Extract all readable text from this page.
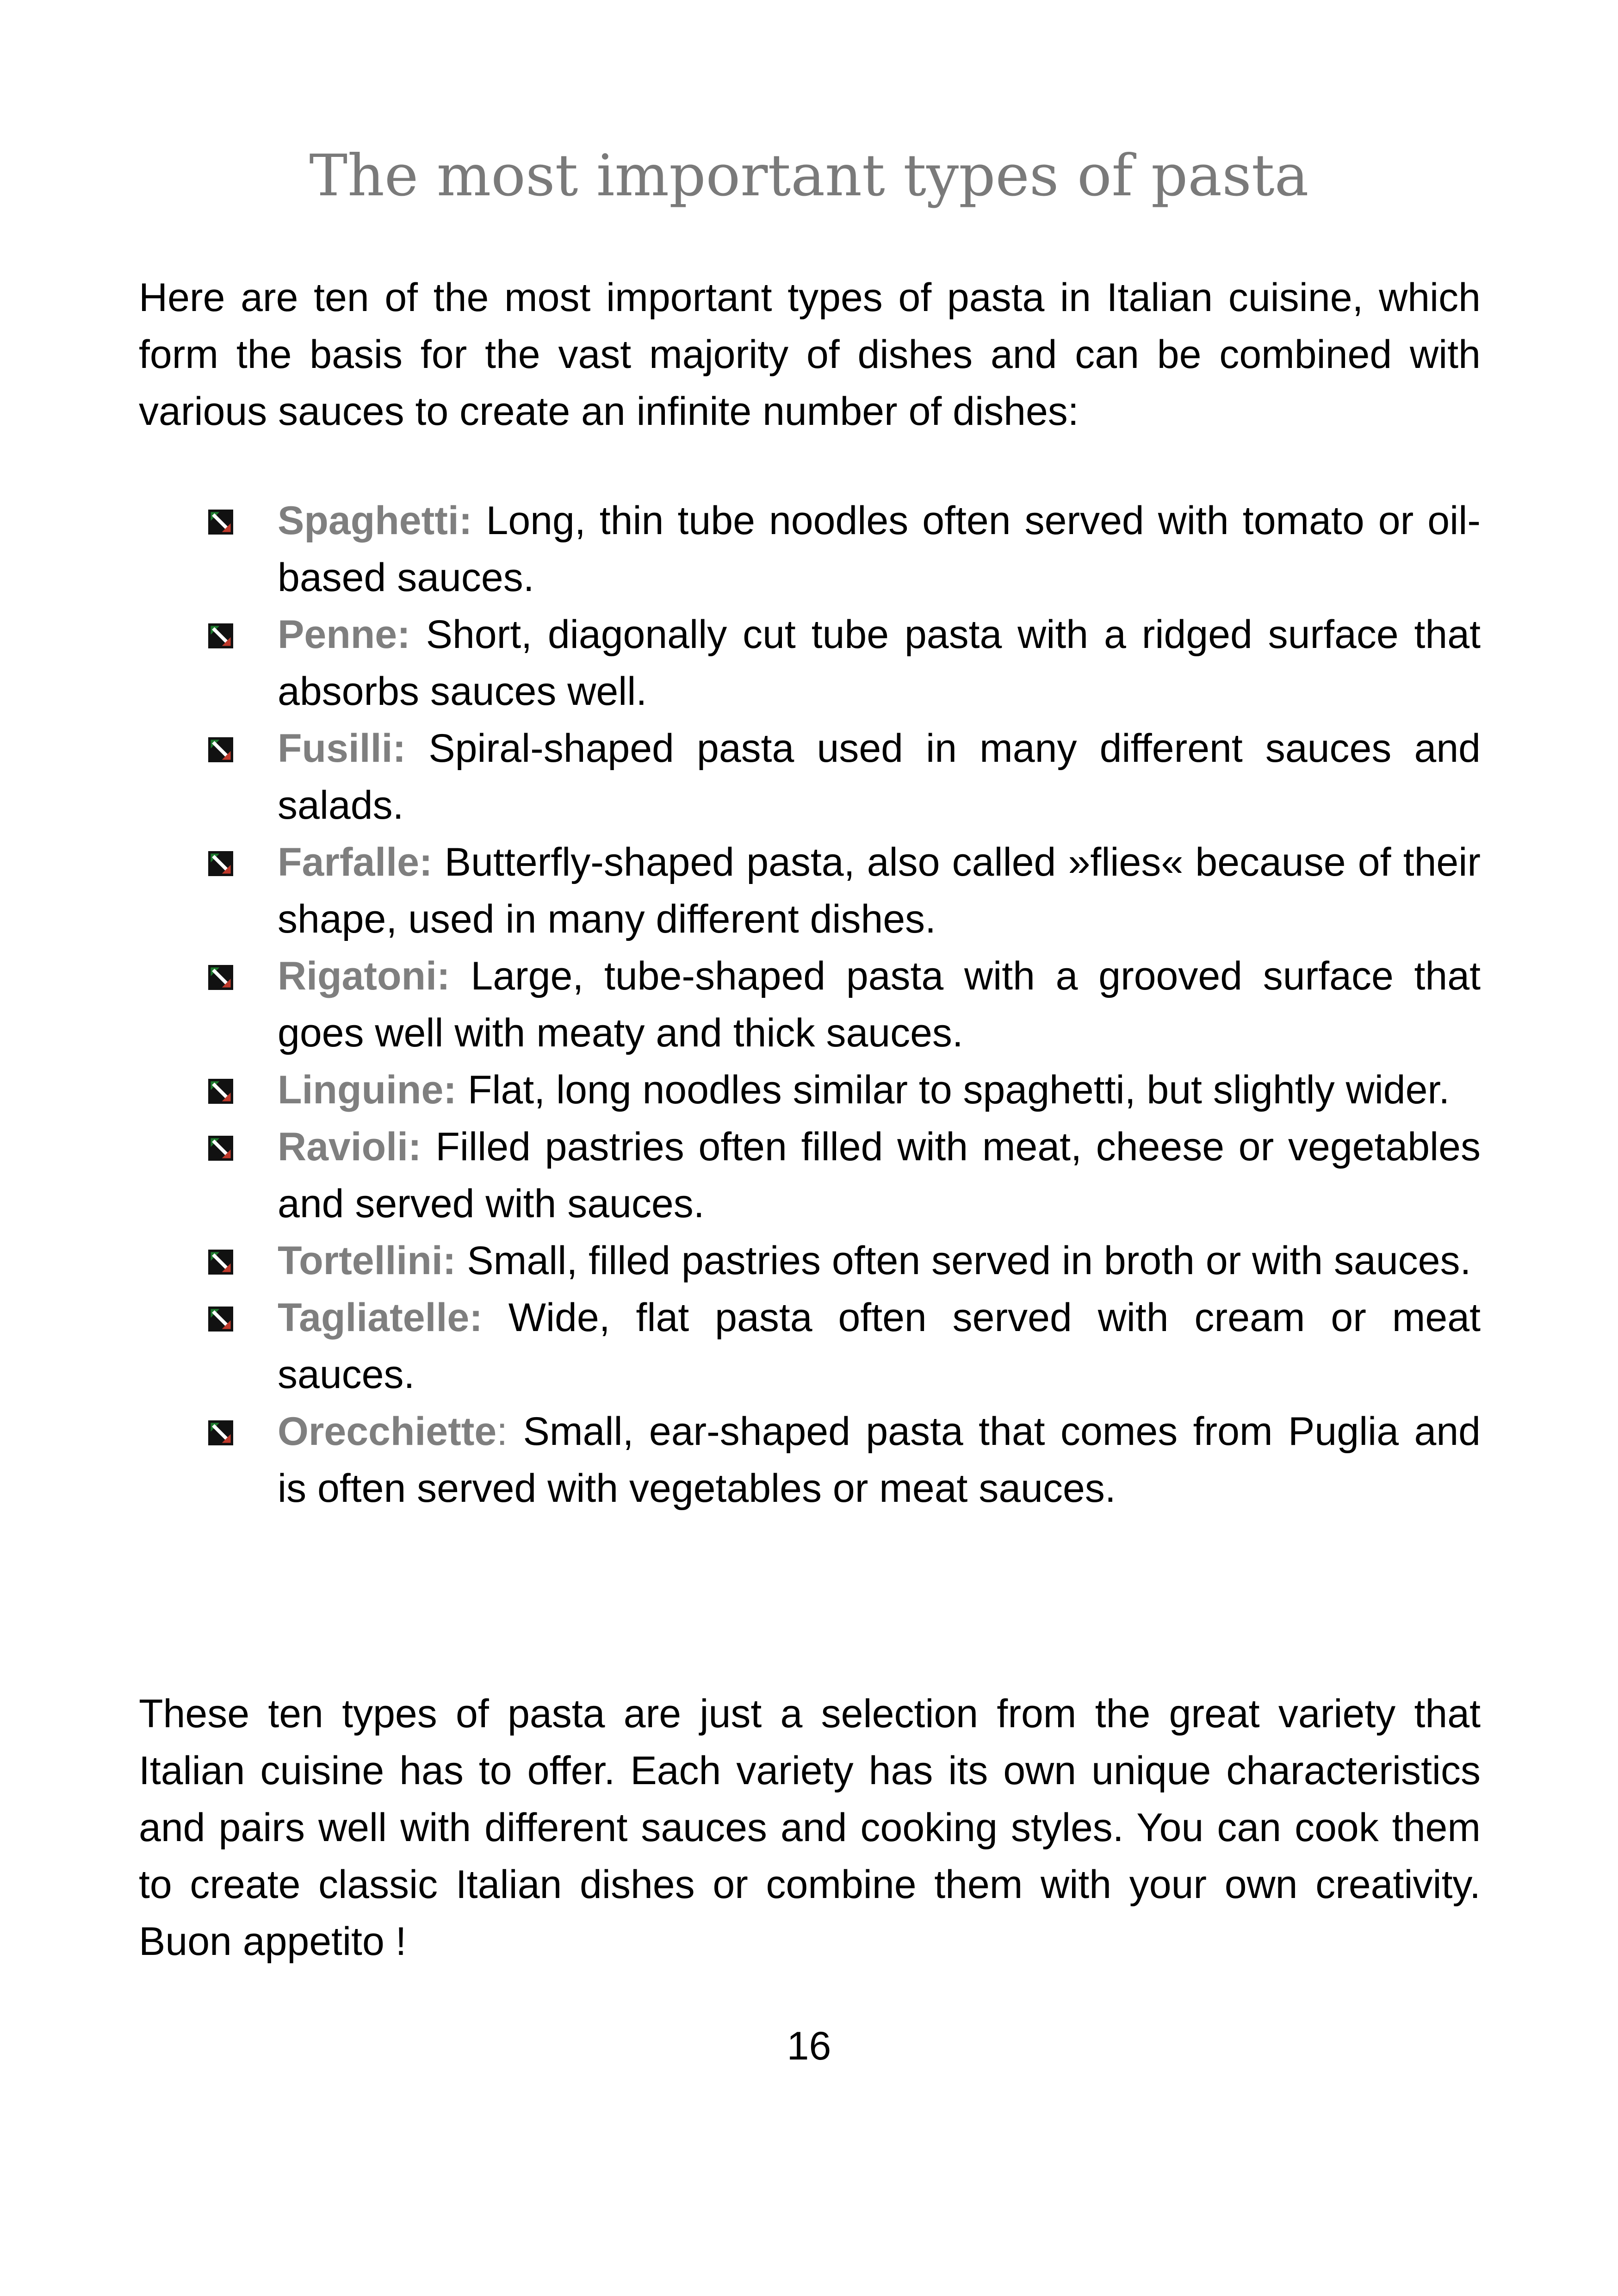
The most important types of pasta

Here are ten of the most important types of pasta in Italian cuisine, which form the basis for the vast majority of dishes and can be combined with various sauces to create an infinite number of dishes:

Spaghetti: Long, thin tube noodles often served with tomato or oil-based sauces.
Penne: Short, diagonally cut tube pasta with a ridged surface that absorbs sauces well.
Fusilli: Spiral-shaped pasta used in many different sauces and salads.
Farfalle: Butterfly-shaped pasta, also called »flies« because of their shape, used in many different dishes.
Rigatoni: Large, tube-shaped pasta with a grooved surface that goes well with meaty and thick sauces.
Linguine: Flat, long noodles similar to spaghetti, but slightly wider.
Ravioli: Filled pastries often filled with meat, cheese or vegetables and served with sauces.
Tortellini: Small, filled pastries often served in broth or with sauces.
Tagliatelle: Wide, flat pasta often served with cream or meat sauces.
Orecchiette: Small, ear-shaped pasta that comes from Puglia and is often served with vegetables or meat sauces.

These ten types of pasta are just a selection from the great variety that Italian cuisine has to offer. Each variety has its own unique characteristics and pairs well with different sauces and cooking styles. You can cook them to create classic Italian dishes or combine them with your own creativity. Buon appetito !

16
